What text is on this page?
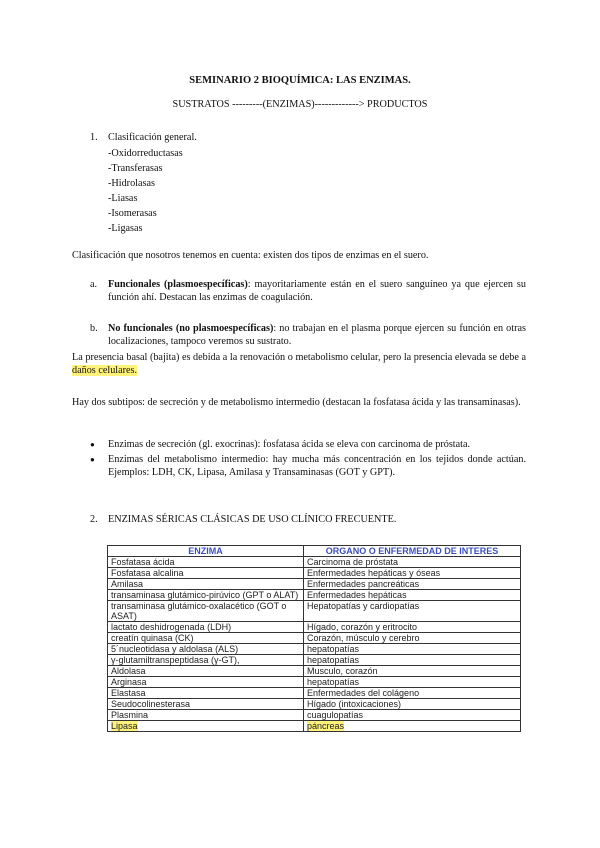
SEMINARIO 2 BIOQUÍMICA: LAS ENZIMAS.
SUSTRATOS ---------(ENZIMAS)-------------> PRODUCTOS
1. Clasificación general.
-Oxidorreductasas
-Transferasas
-Hidrolasas
-Liasas
-Isomerasas
-Ligasas
Clasificación que nosotros tenemos en cuenta: existen dos tipos de enzimas en el suero.
a. Funcionales (plasmoespecíficas): mayoritariamente están en el suero sanguíneo ya que ejercen su función ahí. Destacan las enzimas de coagulación.
b. No funcionales (no plasmoespecíficas): no trabajan en el plasma porque ejercen su función en otras localizaciones, tampoco veremos su sustrato.
La presencia basal (bajita) es debida a la renovación o metabolismo celular, pero la presencia elevada se debe a daños celulares.
Hay dos subtipos: de secreción y de metabolismo intermedio (destacan la fosfatasa ácida y las transaminasas).
● Enzimas de secreción (gl. exocrinas): fosfatasa ácida se eleva con carcinoma de próstata.
● Enzimas del metabolismo intermedio: hay mucha más concentración en los tejidos donde actúan. Ejemplos: LDH, CK, Lipasa, Amilasa y Transaminasas (GOT y GPT).
2. ENZIMAS SÉRICAS CLÁSICAS DE USO CLÍNICO FRECUENTE.
ENZIMA	ORGANO O ENFERMEDAD DE INTERES
Fosfatasa ácida	Carcinoma de próstata
Fosfatasa alcalina	Enfermedades hepáticas y óseas
Amilasa	Enfermedades pancreáticas
transaminasa glutámico-pirúvico (GPT o ALAT)	Enfermedades hepáticas
transaminasa glutámico-oxalacético (GOT o ASAT)	Hepatopatías y cardiopatías
lactato deshidrogenada (LDH)	Hígado, corazón y eritrocito
creatín quinasa (CK)	Corazón, músculo y cerebro
5´nucleotidasa y aldolasa (ALS)	hepatopatías
γ-glutamiltranspeptidasa (γ-GT),	hepatopatías
Aldolasa	Musculo, corazón
Arginasa	hepatopatías
Elastasa	Enfermedades del colágeno
Seudocolinesterasa	Hígado (intoxicaciones)
Plasmina	cuagulopatías
Lipasa	páncreas
